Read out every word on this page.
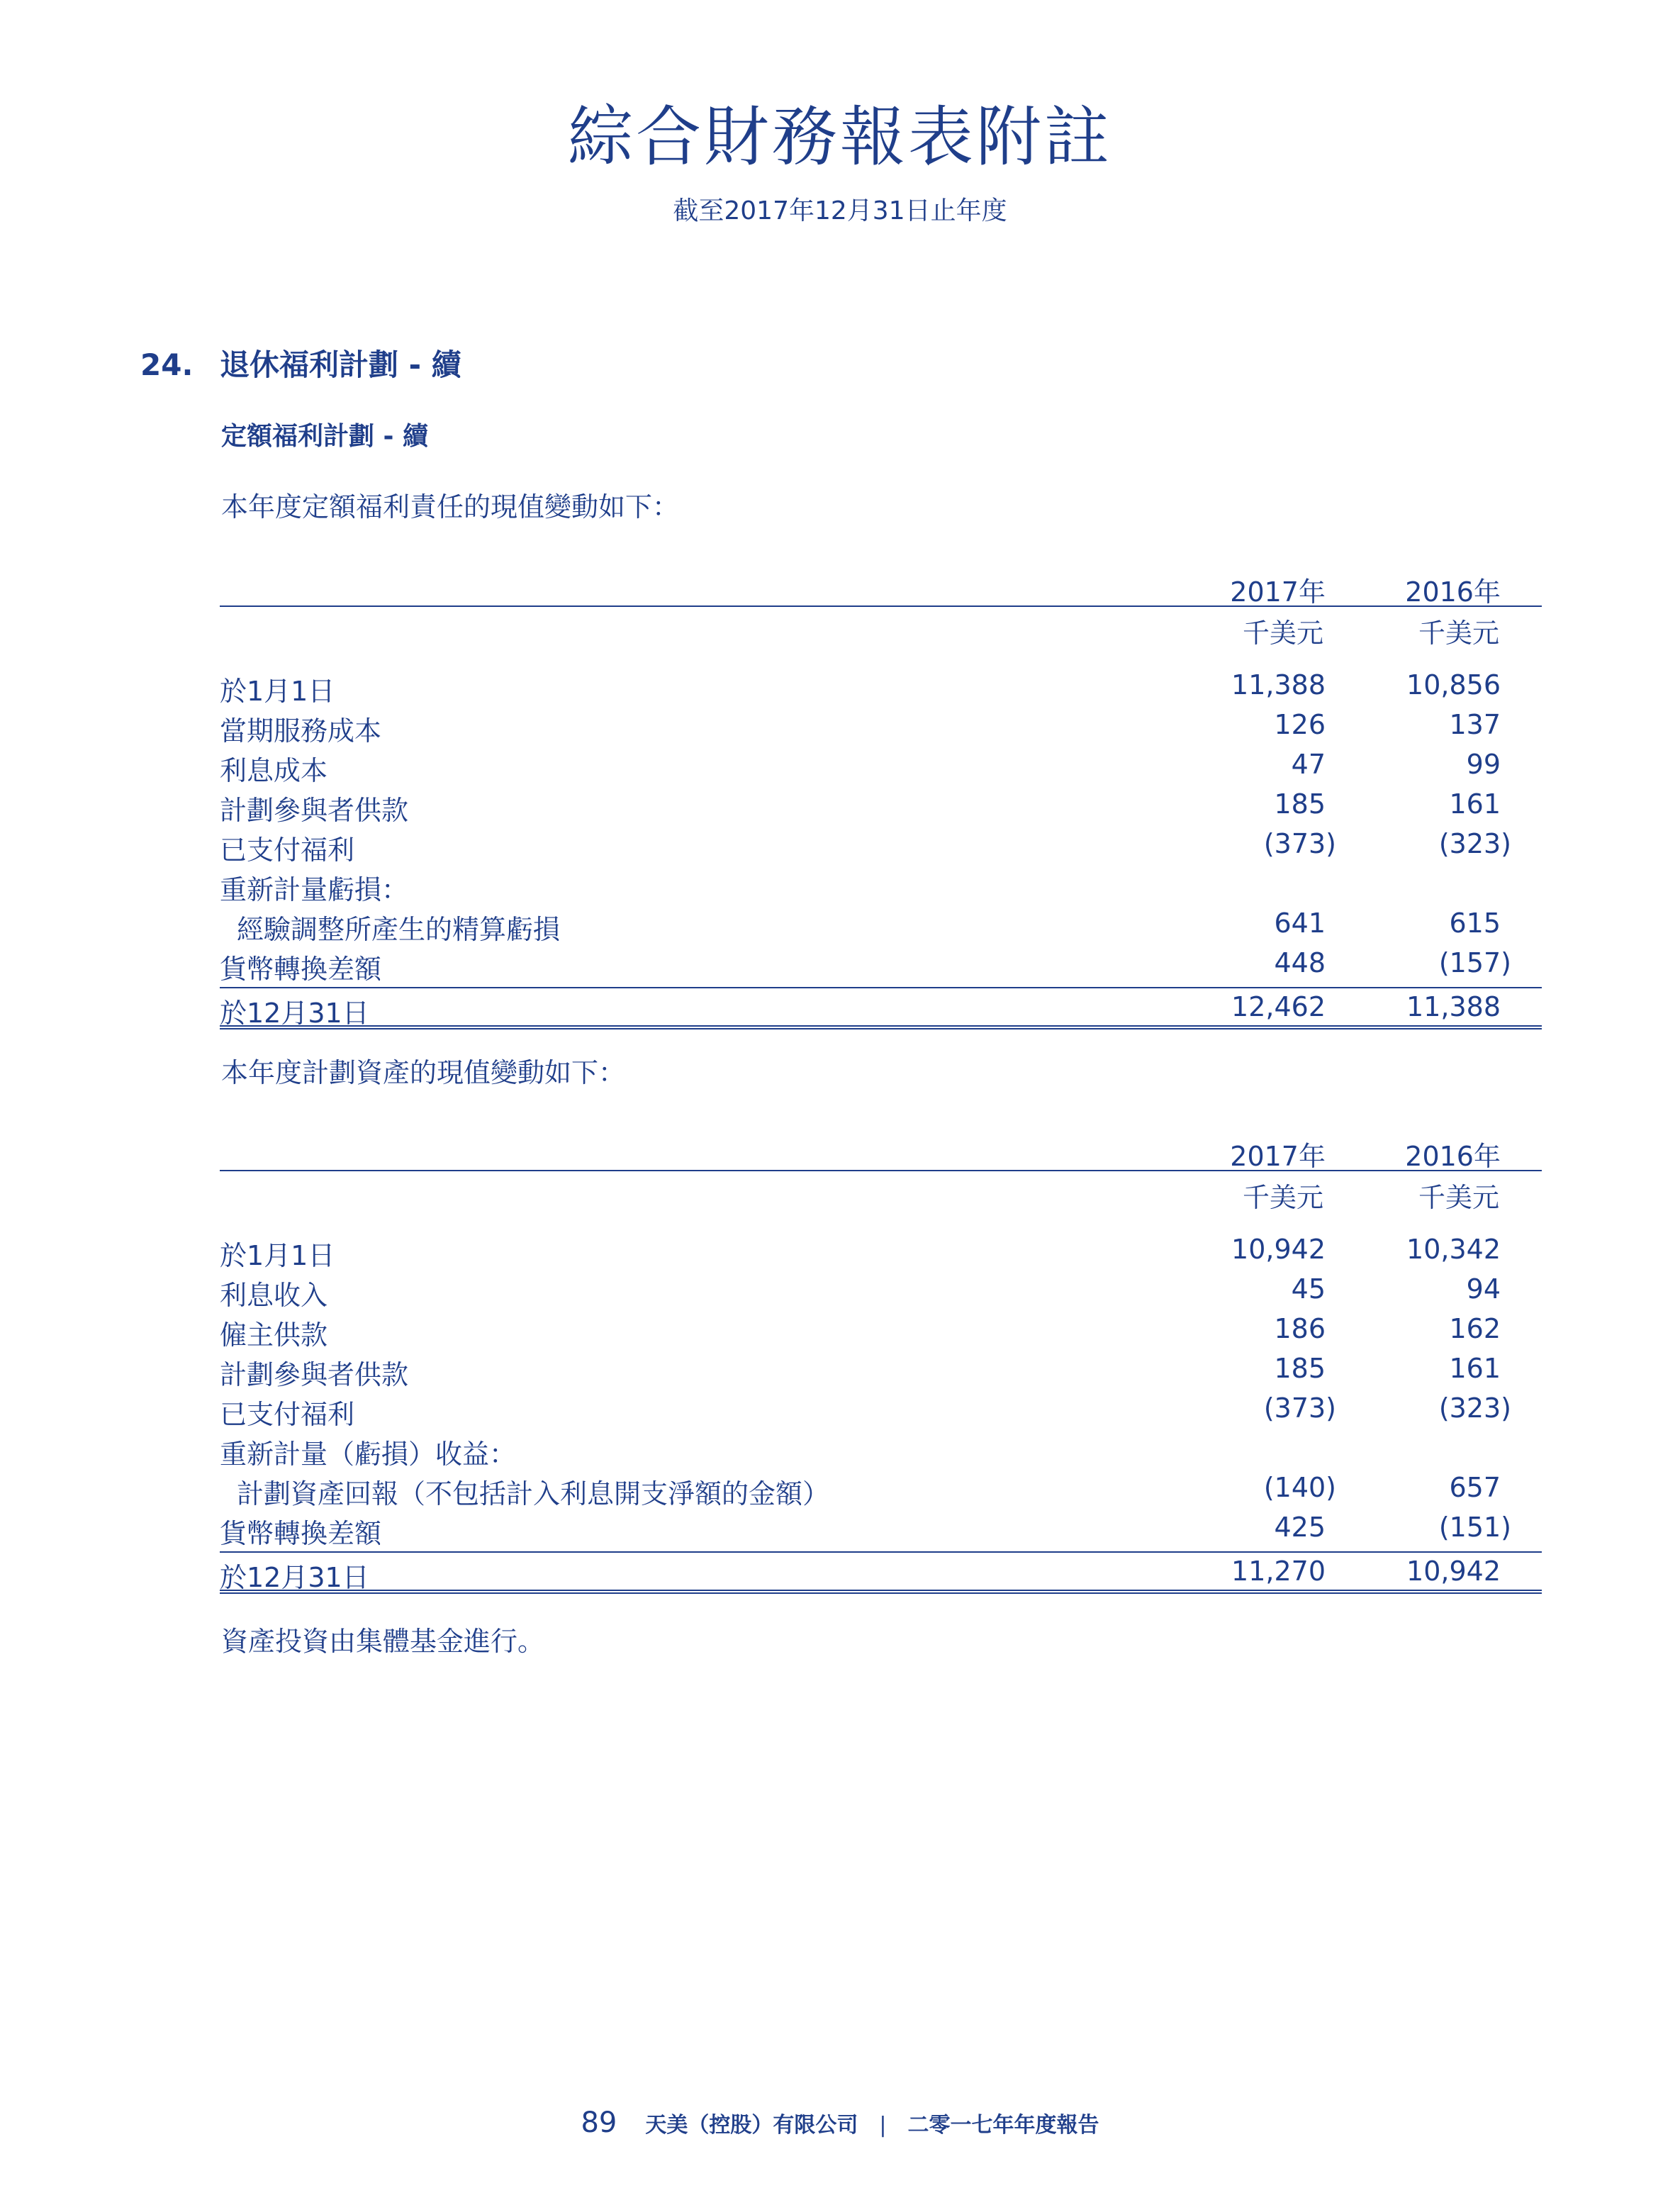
綜合財務報表附註
截至2017年12月31日止年度
24. 退休福利計劃 - 續
定額福利計劃 - 續
本年度定額福利責任的現值變動如下：
2017年	2016年
千美元	千美元
於1月1日	11,388	10,856
當期服務成本	126	137
利息成本	47	99
計劃參與者供款	185	161
已支付福利	(373)	(323)
重新計量虧損：
經驗調整所產生的精算虧損	641	615
貨幣轉換差額	448	(157)
於12月31日	12,462	11,388
本年度計劃資產的現值變動如下：
2017年	2016年
千美元	千美元
於1月1日	10,942	10,342
利息收入	45	94
僱主供款	186	162
計劃參與者供款	185	161
已支付福利	(373)	(323)
重新計量（虧損）收益：
計劃資產回報（不包括計入利息開支淨額的金額）	(140)	657
貨幣轉換差額	425	(151)
於12月31日	11,270	10,942
資產投資由集體基金進行。
89 天美（控股）有限公司 | 二零一七年年度報告
